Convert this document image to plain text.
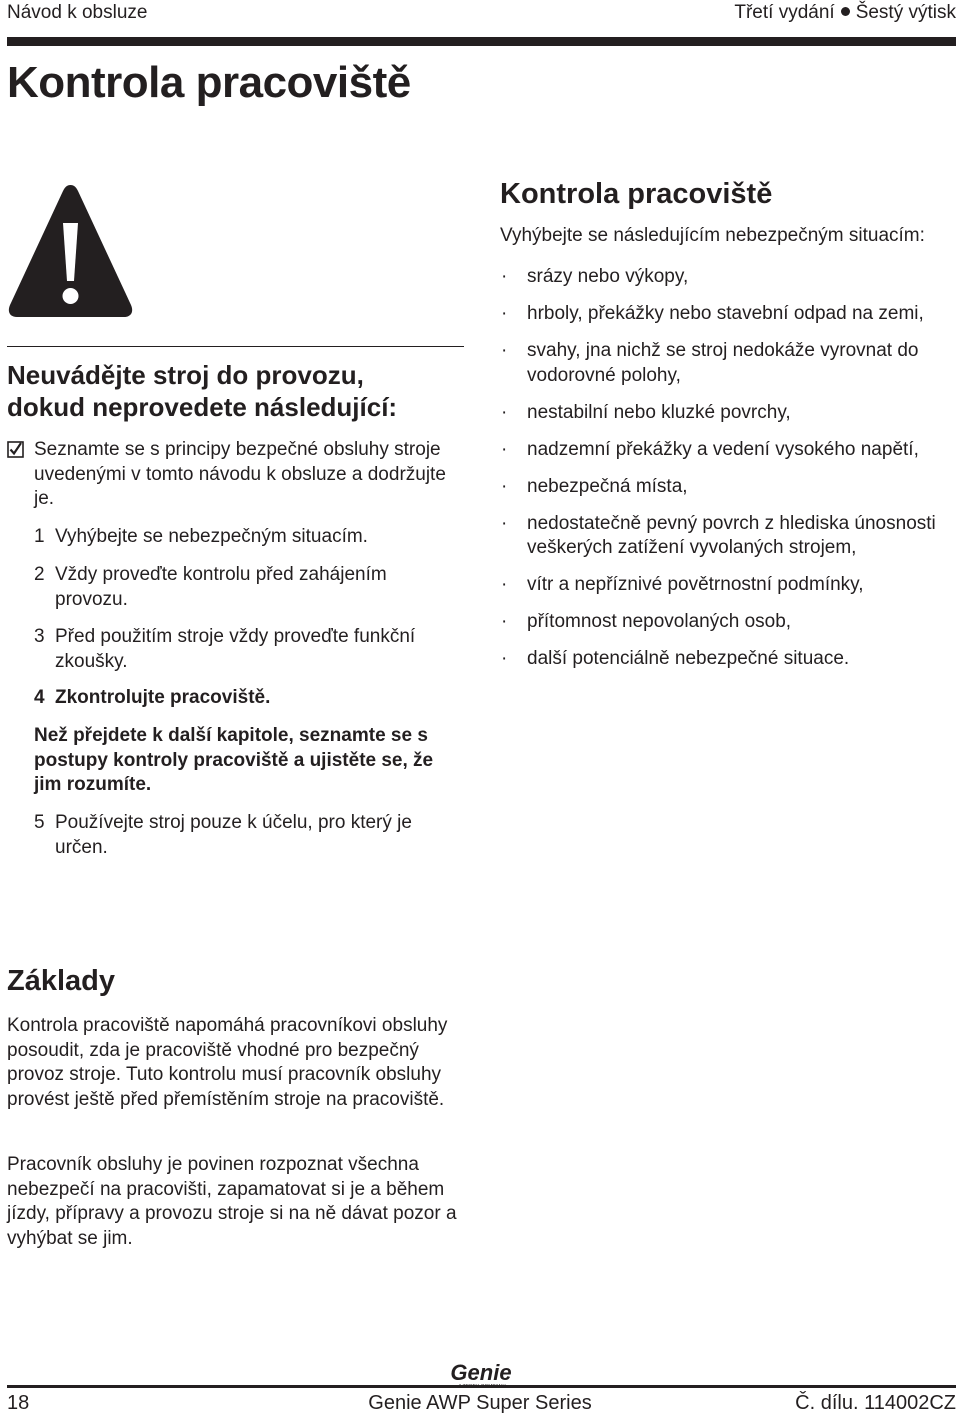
Návod k obsluze	Třetí vydání Šestý výtisk
Kontrola pracoviště
Neuvádějte stroj do provozu,
dokud neprovedete následující:
Seznamte se s principy bezpečné obsluhy stroje uvedenými v tomto návodu k obsluze a dodržujte je.
1 Vyhýbejte se nebezpečným situacím.
2 Vždy proveďte kontrolu před zahájením provozu.
3 Před použitím stroje vždy proveďte funkční zkoušky.
4 Zkontrolujte pracoviště.
Než přejdete k další kapitole, seznamte se s postupy kontroly pracoviště a ujistěte se, že jim rozumíte.
5 Používejte stroj pouze k účelu, pro který je určen.
Kontrola pracoviště
Vyhýbejte se následujícím nebezpečným situacím:
· srázy nebo výkopy,
· hrboly, překážky nebo stavební odpad na zemi,
· svahy, jna nichž se stroj nedokáže vyrovnat do vodorovné polohy,
· nestabilní nebo kluzké povrchy,
· nadzemní překážky a vedení vysokého napětí,
· nebezpečná místa,
· nedostatečně pevný povrch z hlediska únosnosti veškerých zatížení vyvolaných strojem,
· vítr a nepříznivé povětrnostní podmínky,
· přítomnost nepovolaných osob,
· další potenciálně nebezpečné situace.
Základy
Kontrola pracoviště napomáhá pracovníkovi obsluhy posoudit, zda je pracoviště vhodné pro bezpečný provoz stroje. Tuto kontrolu musí pracovník obsluhy provést ještě před přemístěním stroje na pracoviště.
Pracovník obsluhy je povinen rozpoznat všechna nebezpečí na pracovišti, zapamatovat si je a během jízdy, přípravy a provozu stroje si na ně dávat pozor a vyhýbat se jim.
Genie
18	Genie AWP Super Series	Č. dílu. 114002CZ
